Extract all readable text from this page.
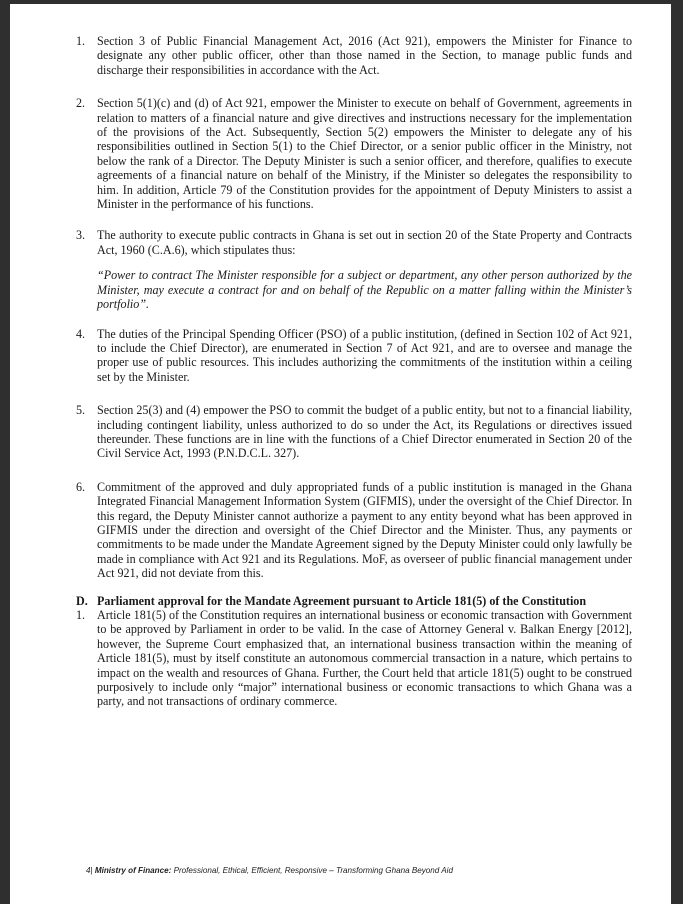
1. Section 3 of Public Financial Management Act, 2016 (Act 921), empowers the Minister for Finance to designate any other public officer, other than those named in the Section, to manage public funds and discharge their responsibilities in accordance with the Act.
2. Section 5(1)(c) and (d) of Act 921, empower the Minister to execute on behalf of Government, agreements in relation to matters of a financial nature and give directives and instructions necessary for the implementation of the provisions of the Act. Subsequently, Section 5(2) empowers the Minister to delegate any of his responsibilities outlined in Section 5(1) to the Chief Director, or a senior public officer in the Ministry, not below the rank of a Director. The Deputy Minister is such a senior officer, and therefore, qualifies to execute agreements of a financial nature on behalf of the Ministry, if the Minister so delegates the responsibility to him. In addition, Article 79 of the Constitution provides for the appointment of Deputy Ministers to assist a Minister in the performance of his functions.
3. The authority to execute public contracts in Ghana is set out in section 20 of the State Property and Contracts Act, 1960 (C.A.6), which stipulates thus:
“Power to contract The Minister responsible for a subject or department, any other person authorized by the Minister, may execute a contract for and on behalf of the Republic on a matter falling within the Minister’s portfolio”.
4. The duties of the Principal Spending Officer (PSO) of a public institution, (defined in Section 102 of Act 921, to include the Chief Director), are enumerated in Section 7 of Act 921, and are to oversee and manage the proper use of public resources. This includes authorizing the commitments of the institution within a ceiling set by the Minister.
5. Section 25(3) and (4) empower the PSO to commit the budget of a public entity, but not to a financial liability, including contingent liability, unless authorized to do so under the Act, its Regulations or directives issued thereunder. These functions are in line with the functions of a Chief Director enumerated in Section 20 of the Civil Service Act, 1993 (P.N.D.C.L. 327).
6. Commitment of the approved and duly appropriated funds of a public institution is managed in the Ghana Integrated Financial Management Information System (GIFMIS), under the oversight of the Chief Director. In this regard, the Deputy Minister cannot authorize a payment to any entity beyond what has been approved in GIFMIS under the direction and oversight of the Chief Director and the Minister. Thus, any payments or commitments to be made under the Mandate Agreement signed by the Deputy Minister could only lawfully be made in compliance with Act 921 and its Regulations. MoF, as overseer of public financial management under Act 921, did not deviate from this.
D. Parliament approval for the Mandate Agreement pursuant to Article 181(5) of the Constitution
1. Article 181(5) of the Constitution requires an international business or economic transaction with Government to be approved by Parliament in order to be valid. In the case of Attorney General v. Balkan Energy [2012], however, the Supreme Court emphasized that, an international business transaction within the meaning of Article 181(5), must by itself constitute an autonomous commercial transaction in a nature, which pertains to impact on the wealth and resources of Ghana. Further, the Court held that article 181(5) ought to be construed purposively to include only “major” international business or economic transactions to which Ghana was a party, and not transactions of ordinary commerce.
4| Ministry of Finance: Professional, Ethical, Efficient, Responsive – Transforming Ghana Beyond Aid
